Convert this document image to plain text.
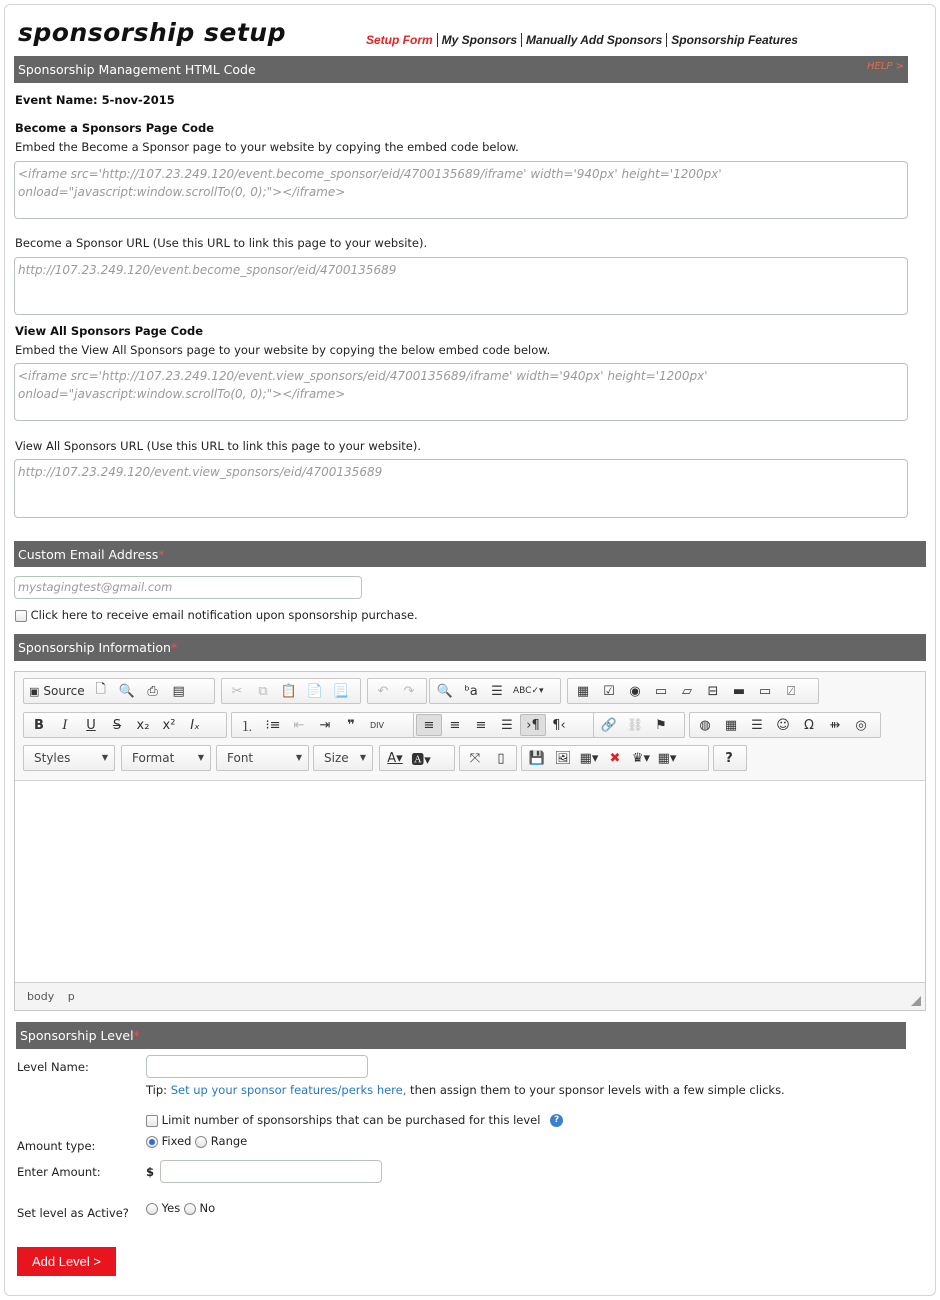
sponsorship setup	Setup Form My Sponsors Manually Add Sponsors Sponsorship Features
Sponsorship Management HTML Code	HELP >
Event Name: 5-nov-2015
Become a Sponsors Page Code
Embed the Become a Sponsor page to your website by copying the embed code below.
<iframe src='http://107.23.249.120/event.become_sponsor/eid/4700135689/iframe' width='940px' height='1200px'
onload="javascript:window.scrollTo(0, 0);"></iframe>
Become a Sponsor URL (Use this URL to link this page to your website).
http://107.23.249.120/event.become_sponsor/eid/4700135689
View All Sponsors Page Code
Embed the View All Sponsors page to your website by copying the below embed code below.
<iframe src='http://107.23.249.120/event.view_sponsors/eid/4700135689/iframe' width='940px' height='1200px'
onload="javascript:window.scrollTo(0, 0);"></iframe>
View All Sponsors URL (Use this URL to link this page to your website).
http://107.23.249.120/event.view_sponsors/eid/4700135689
Custom Email Address *
mystagingtest@gmail.com
Click here to receive email notification upon sponsorship purchase.
Sponsorship Information *
▣ Source 🗋 🔍 ⎙	▤	✂	⧉	📋 📄 📃	↶	↷	🔍 ᵇa	☰	ABC✓▾	▦	☑	◉	▭	▱	⊟	▬	▭	⍁
B	I	U	S	x₂	x²	Iₓ	⒈ ⁝≡	⇤	⇥	❞	DIV	≡	≡	≡	☰	›¶ ¶‹	🔗 ⛓ ⚑	◍	▦	☰	☺	Ω	⇻	◎
Styles	▼ Format	▼ Font	▼ Size ▼	A▾ 🅰▾	⤧	▯	💾 🖼 ▦▾ ✖ ♛▾ ▦▾	?
body p
Sponsorship Level *
Level Name:
Tip: Set up your sponsor features/perks here, then assign them to your sponsor levels with a few simple clicks.
Limit number of sponsorships that can be purchased for this level ?
Amount type:	Fixed Range
Enter Amount:	$
Set level as Active?	Yes No
Add Level >
